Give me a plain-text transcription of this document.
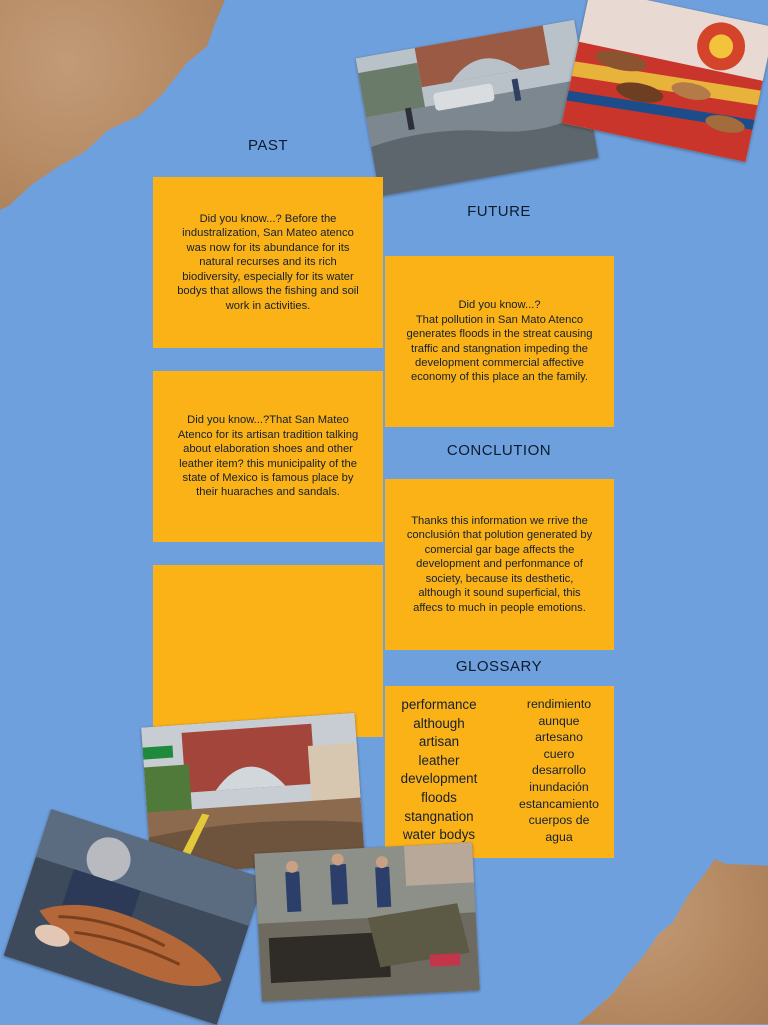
PAST
FUTURE
CONCLUTION
GLOSSARY

Did you know...? Before the industralization, San Mateo atenco was now for its abundance for its natural recurses and its rich biodiversity, especially for its water bodys that allows the fishing and soil work in activities.

Did you know...?That San Mateo Atenco for its artisan tradition talking about elaboration shoes and other leather item? this municipality of the state of Mexico is famous place by their huaraches and sandals.

Did you know...?

That pollution in San Mato Atenco generates floods in the streat causing traffic and stangnation impeding the development commercial affective economy of this place an the family.

Thanks this information we rrive the conclusión that polution generated by comercial gar bage affects the development and perfonmance of society, because its desthetic, although it sound superficial, this affecs to much in people emotions.

performance
although
artisan
leather
development
floods
stangnation
water bodys
rendimiento
aunque
artesano
cuero
desarrollo
inundación
estancamiento
cuerpos de
agua
